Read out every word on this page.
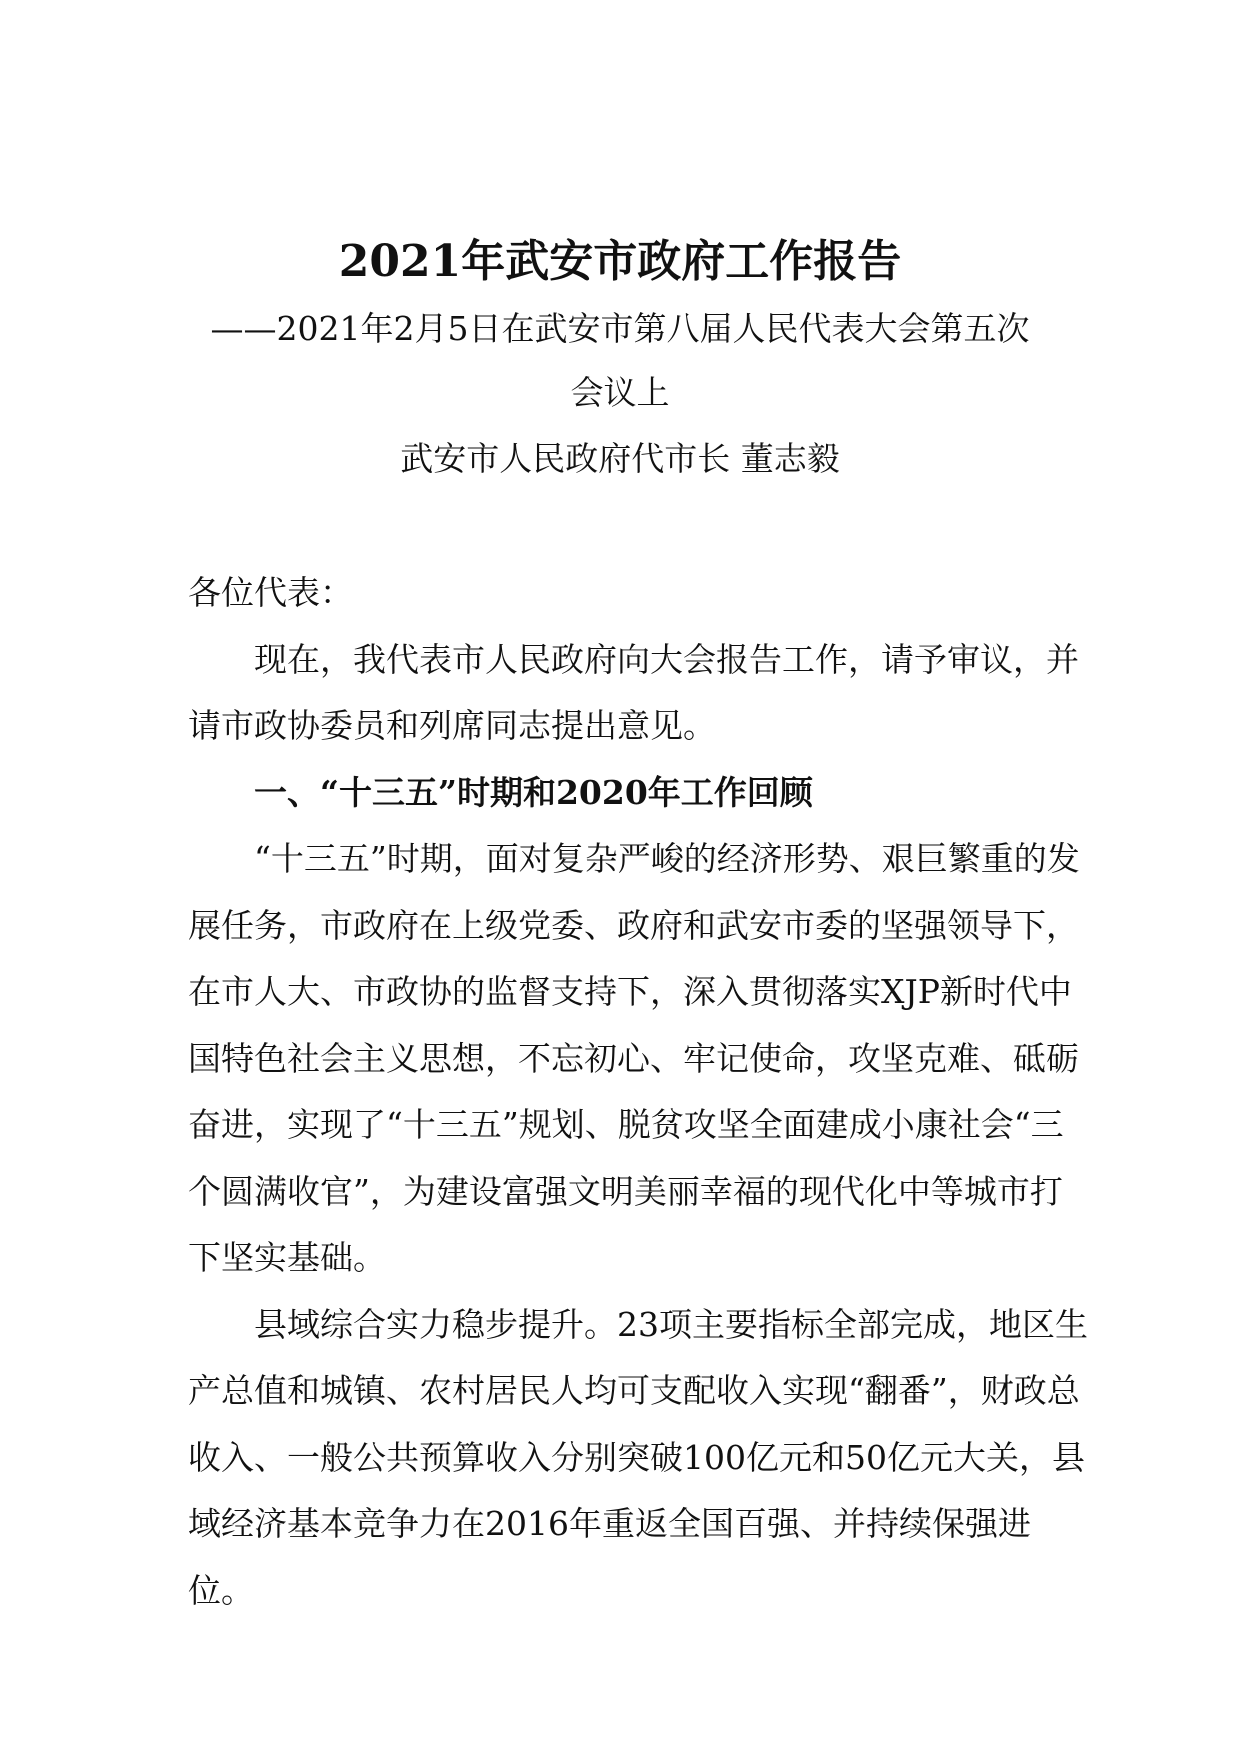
2021年武安市政府工作报告
——2021年2月5日在武安市第八届人民代表大会第五次
会议上
武安市人民政府代市长 董志毅

各位代表：

现在，我代表市人民政府向大会报告工作，请予审议，并请市政协委员和列席同志提出意见。

一、“十三五”时期和2020年工作回顾

“十三五”时期，面对复杂严峻的经济形势、艰巨繁重的发展任务，市政府在上级党委、政府和武安市委的坚强领导下，在市人大、市政协的监督支持下，深入贯彻落实XJP新时代中国特色社会主义思想，不忘初心、牢记使命，攻坚克难、砥砺奋进，实现了“十三五”规划、脱贫攻坚全面建成小康社会“三个圆满收官”，为建设富强文明美丽幸福的现代化中等城市打下坚实基础。

县域综合实力稳步提升。23项主要指标全部完成，地区生产总值和城镇、农村居民人均可支配收入实现“翻番”，财政总收入、一般公共预算收入分别突破100亿元和50亿元大关，县域经济基本竞争力在2016年重返全国百强、并持续保强进位。
